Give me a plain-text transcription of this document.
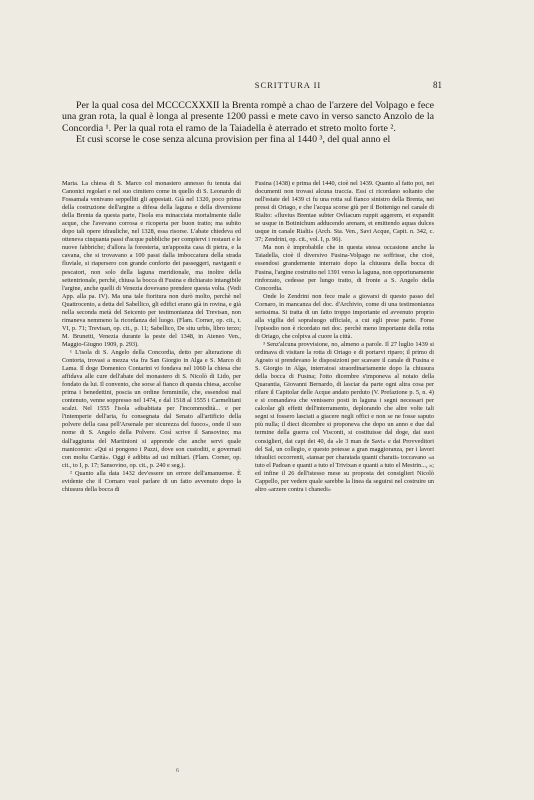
SCRITTURA II	81

Per la qual cosa del MCCCCXXXII la Brenta rompè a chao de l'arzere del Volpago e fece una gran rota, la qual è longa al presente 1200 passi e mete cavo in verso sancto Anzolo de la Concordia ¹. Per la qual rota el ramo de la Taiadella è aterrado et streto molto forte ².

Et cusì scorse le cose senza alcuna provision per fina al 1440 ³, del qual anno el

Maria. La chiesa di S. Marco col monastero annesso fu tenuta dai Canonici regolari e nel suo cimitero come in quello di S. Leonardo di Fossamala venivano seppelliti gli appestati. Già nel 1320, poco prima della costruzione dell'argine a difesa della laguna e della diversione della Brenta da questa parte, l'isola era minacciata mortalmente dalle acque, che l'avevano corrosa e ricoperta per buon tratto; ma subito dopo tali opere idrauliche, nel 1328, essa risorse. L'abate chiedeva ed otteneva cinquanta passi d'acque pubbliche per compiervi i restauri e le nuove fabbriche; d'allora la foresteria, un'apposita casa di pietra, e la cavana, che si trovavano a 100 passi dalla imboccatura della strada fluviale, si riapersero con grande conforto dei passeggeri, naviganti e pescatori, non solo della laguna meridionale, ma inoltre della settentrionale, perchè, chiusa la bocca di Fusina e dichiarato intangibile l'argine, anche quelli di Venezia dovevano prendere questa volta. (Vedi App. alla pa. IV). Ma una tale fioritura non durò molto, perchè nel Quattrocento, a detta del Sabellico, gli edifici erano già in rovina, e già nella seconda metà del Seicento per testimonianza del Trevisan, non rimaneva nemmeno la ricordanza del luogo. (Flam. Corner, op. cit., t. VI, p. 71; Trevisan, op. cit., p. 11; Sabellico, De situ urbis, libro terzo; M. Brunetti, Venezia durante la peste del 1348, in Ateneo Ven., Maggio-Giugno 1909, p. 293).

¹ L'isola di S. Angelo della Concordia, detto per alterazione di Contorta, trovasi a mezza via fra San Giorgio in Alga e S. Marco di Lama. Il doge Domenico Contarini vi fondava nel 1060 la chiesa che affidava alle cure dell'abate del monastero di S. Nicolò di Lido, per fondato da lui. Il convento, che sorse al fianco di questa chiesa, accolse prima i benedettini, poscia un ordine femminile, che, essendosi mal contenuto, venne soppresso nel 1474, e dal 1518 al 1555 i Carmelitani scalzi. Nel 1555 l'isola «disabitata per l'incommodità... e per l'intemperie dell'aria, fu consegnata dal Senato all'artificio della polvere della casa pell'Arsenale per sicurezza del fuoco», onde il suo nome di S. Angelo della Polvere. Così scrive il Sansovino; ma dall'aggiunta del Martinioni si apprende che anche servi quale manicomio: «Qui si pongono i Pazzi, dove son custoditi, e governati con molta Carità». Oggi è adibita ad usi militari. (Flam. Corner, op. cit., to I, p. 17; Sansovino, op. cit., p. 240 e seg.).

² Quanto alla data 1432 dev'essere un errore dell'amanuense. È evidente che il Cornaro vuol parlare di un fatto avvenuto dopo la chiusura della bocca di

Fusina (1438) e prima del 1440, cioè nel 1439. Quanto al fatto poi, nei documenti non trovasi alcuna traccia. Essi ci ricordano soltanto che nell'estate del 1439 ci fu una rotta sul fianco sinistro della Brenta, nei pressi di Oriago, e che l'acqua scorse giù per il Bottenigo nel canale di Rialto: «fluvius Brentae subter Ovliacum ruppit aggerem, et expandit se usque in Botinichum adducendo arenam, et emittendo aquas dulces usque in canale Rialti» (Arch. Sta. Ven., Savi Acque, Capit. n. 342, c. 37; Zendrini, op. cit., vol. I, p. 96).

Ma non è improbabile che in questa stessa occasione anche la Taiadella, cioè il diversivo Fusina-Volpago ne soffrisse, che cioè, essendosi grandemente interrato dopo la chiusura della bocca di Fusina, l'argine costruito nel 1391 verso la laguna, non opportunamente rinforzato, cedesse per lungo tratto, di fronte a S. Angelo della Concordia.

Onde lo Zendrini non fece male a giovarsi di questo passo del Cornaro, in mancanza del doc. d'Archivio, come di una testimonianza serissima. Si tratta di un fatto troppo importante ed avvenuto proprio alla vigilia del sopraluogo ufficiale, a cui egli prese parte. Forse l'episodio non è ricordato nei doc. perchè meno importante della rotta di Oriago, che colpiva al cuore la città.

³ Senz'alcuna provvisione, no, almeno a parole. Il 27 luglio 1439 si ordinava di visitare la rotta di Oriago e di portarvi riparo; il primo di Agosto si prendevano le disposizioni per scavare il canale di Fusina e S. Giorgio in Alga, interratosi straordinariamente dopo la chiusura della bocca di Fusina; l'otto dicembre s'imponeva al notaio della Quarantia, Giovanni Bernardo, di lasciar da parte ogni altra cosa per rifare il Capitolar delle Acque andato perduto (V. Prefazione p. 5, n. 4) e si comandava che venissero posti in laguna i segni necessari per calcolar gli effetti dell'interramento, deplorando che altre volte tali segni si fossero lasciati a giacere negli offici e non se ne fosse saputo più nulla; il dieci dicembre si proponeva che dopo un anno e due dal termine della guerra col Visconti, si costituisse dal doge, dai suoi consiglieri, dai capi dei 40, da «le 3 man de Savi» e dai Provveditori del Sal, un collegio, e questo potesse a gran maggioranza, per i lavori idraulici occorrenti, «tansar per charatada quanti charati» toccavano «a tuto el Padoan e quanti a tuto el Trivixan e quanti a tuto el Mestrin..., »; ed infine il 26 dell'istesso mese su proposta dei consiglieri Nicolò Cappello, per vedere quale sarebbe la linea da seguirsi nel costruire un altro «arzere contra i chanedi»

6
